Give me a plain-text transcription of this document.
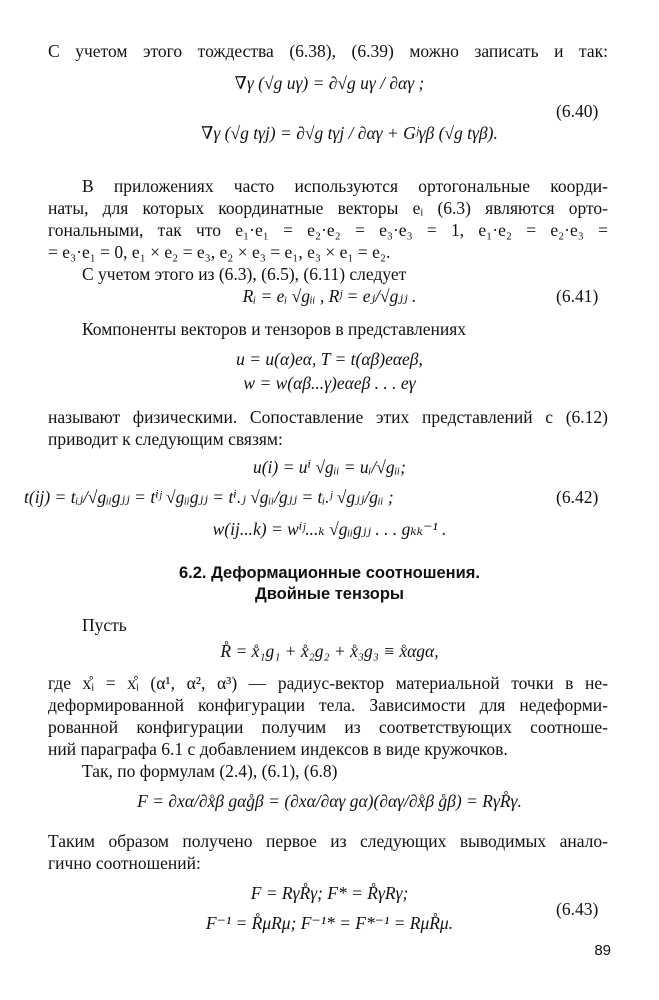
С учетом этого тождества (6.38), (6.39) можно записать и так:
∇γ (√g uγ) = ∂√g uγ / ∂αγ ;
∇γ (√g tγj) = ∂√g tγj / ∂αγ + Gʲγβ (√g tγβ).
(6.40)
В приложениях часто используются ортогональные коорди-
наты, для которых координатные векторы eᵢ (6.3) являются орто-
гональными, так что e₁·e₁ = e₂·e₂ = e₃·e₃ = 1, e₁·e₂ = e₂·e₃ =
= e₃·e₁ = 0, e₁ × e₂ = e₃, e₂ × e₃ = e₁, e₃ × e₁ = e₂.
С учетом этого из (6.3), (6.5), (6.11) следует
Rᵢ = eᵢ √gᵢᵢ , Rʲ = eⱼ/√gⱼⱼ .	(6.41)
Компоненты векторов и тензоров в представлениях
u = u(α)eα, T = t(αβ)eαeβ,
w = w(αβ...γ)eαeβ . . . eγ
называют физическими. Сопоставление этих представлений с (6.12)
приводит к следующим связям:
u(i) = uⁱ √gᵢᵢ = uᵢ/√gᵢᵢ;
t(ij) = tᵢⱼ/√gᵢᵢgⱼⱼ = tⁱʲ √gᵢᵢgⱼⱼ = tⁱ.ⱼ √gᵢᵢ/gⱼⱼ = tᵢ.ʲ √gⱼⱼ/gᵢᵢ ;	(6.42)
w(ij...k) = wⁱʲ...ₖ √gᵢᵢgⱼⱼ . . . gₖₖ⁻¹ .
6.2. Деформационные соотношения.
Двойные тензоры
Пусть
R̊ = x̊₁g₁ + x̊₂g₂ + x̊₃g₃ ≡ x̊αgα,
где x̊ᵢ = x̊ᵢ (α¹, α², α³) — радиус-вектор материальной точки в не-
деформированной конфигурации тела. Зависимости для недеформи-
рованной конфигурации получим из соответствующих соотноше-
ний параграфа 6.1 с добавлением индексов в виде кружочков.
Так, по формулам (2.4), (6.1), (6.8)
F = ∂xα/∂x̊β gαg̊β = (∂xα/∂αγ gα)(∂αγ/∂x̊β g̊β) = RγR̊γ.
Таким образом получено первое из следующих выводимых анало-
гично соотношений:
F = RγR̊γ; F* = R̊γRγ;
F⁻¹ = R̊μRμ; F⁻¹* = F*⁻¹ = RμR̊μ.
(6.43)
89
